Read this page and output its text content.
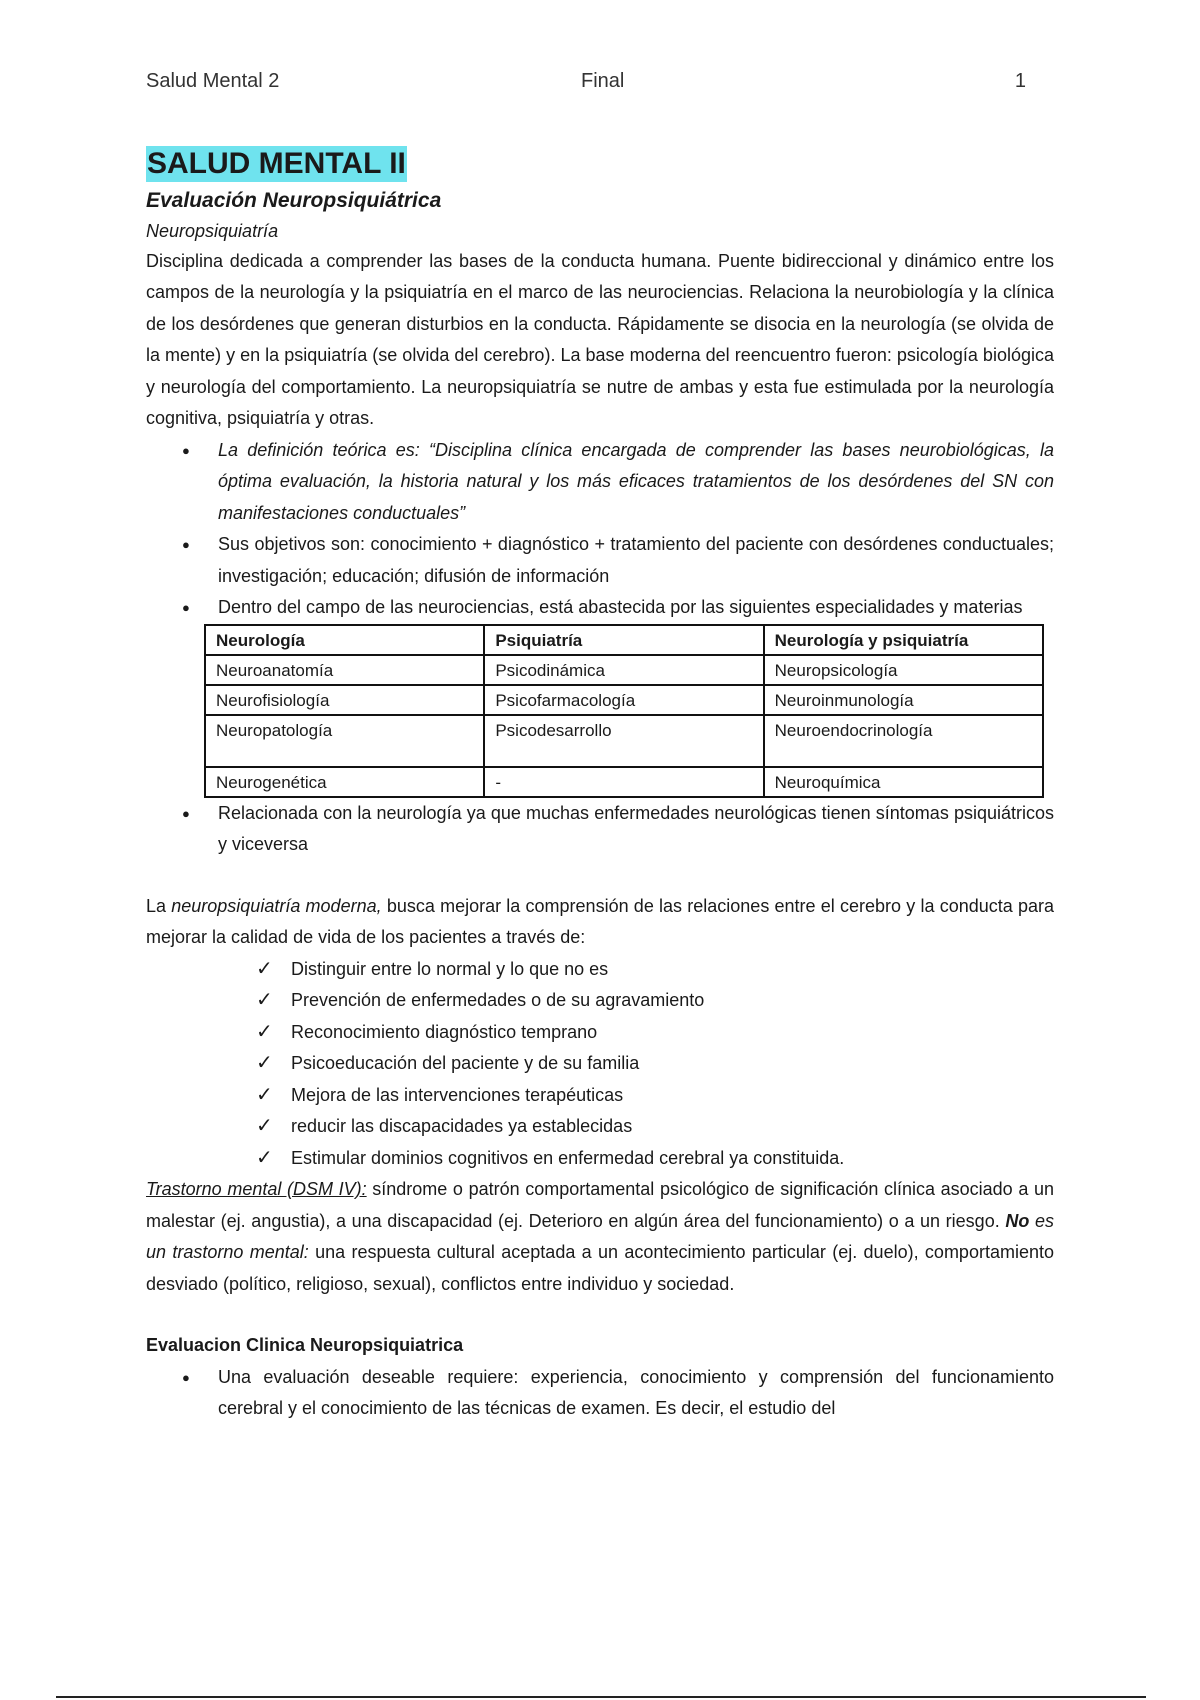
Salud Mental 2	Final	1
SALUD MENTAL II
Evaluación Neuropsiquiátrica
Neuropsiquiatría

Disciplina dedicada a comprender las bases de la conducta humana. Puente bidireccional y dinámico entre los campos de la neurología y la psiquiatría en el marco de las neurociencias. Relaciona la neurobiología y la clínica de los desórdenes que generan disturbios en la conducta. Rápidamente se disocia en la neurología (se olvida de la mente) y en la psiquiatría (se olvida del cerebro). La base moderna del reencuentro fueron: psicología biológica y neurología del comportamiento. La neuropsiquiatría se nutre de ambas y esta fue estimulada por la neurología cognitiva, psiquiatría y otras.

● La definición teórica es: “Disciplina clínica encargada de comprender las bases neurobiológicas, la óptima evaluación, la historia natural y los más eficaces tratamientos de los desórdenes del SN con manifestaciones conductuales”
● Sus objetivos son: conocimiento + diagnóstico + tratamiento del paciente con desórdenes conductuales; investigación; educación; difusión de información
● Dentro del campo de las neurociencias, está abastecida por las siguientes especialidades y materias
Neurología	Psiquiatría	Neurología y psiquiatría
Neuroanatomía	Psicodinámica	Neuropsicología
Neurofisiología	Psicofarmacología	Neuroinmunología
Neuropatología	Psicodesarrollo	Neuroendocrinología
Neurogenética	-	Neuroquímica
● Relacionada con la neurología ya que muchas enfermedades neurológicas tienen síntomas psiquiátricos y viceversa

La neuropsiquiatría moderna, busca mejorar la comprensión de las relaciones entre el cerebro y la conducta para mejorar la calidad de vida de los pacientes a través de:

✓ Distinguir entre lo normal y lo que no es
✓ Prevención de enfermedades o de su agravamiento
✓ Reconocimiento diagnóstico temprano
✓ Psicoeducación del paciente y de su familia
✓ Mejora de las intervenciones terapéuticas
✓ reducir las discapacidades ya establecidas
✓ Estimular dominios cognitivos en enfermedad cerebral ya constituida.

Trastorno mental (DSM IV): síndrome o patrón comportamental psicológico de significación clínica asociado a un malestar (ej. angustia), a una discapacidad (ej. Deterioro en algún área del funcionamiento) o a un riesgo. No es un trastorno mental: una respuesta cultural aceptada a un acontecimiento particular (ej. duelo), comportamiento desviado (político, religioso, sexual), conflictos entre individuo y sociedad.

Evaluacion Clinica Neuropsiquiatrica
● Una evaluación deseable requiere: experiencia, conocimiento y comprensión del funcionamiento cerebral y el conocimiento de las técnicas de examen. Es decir, el estudio del
